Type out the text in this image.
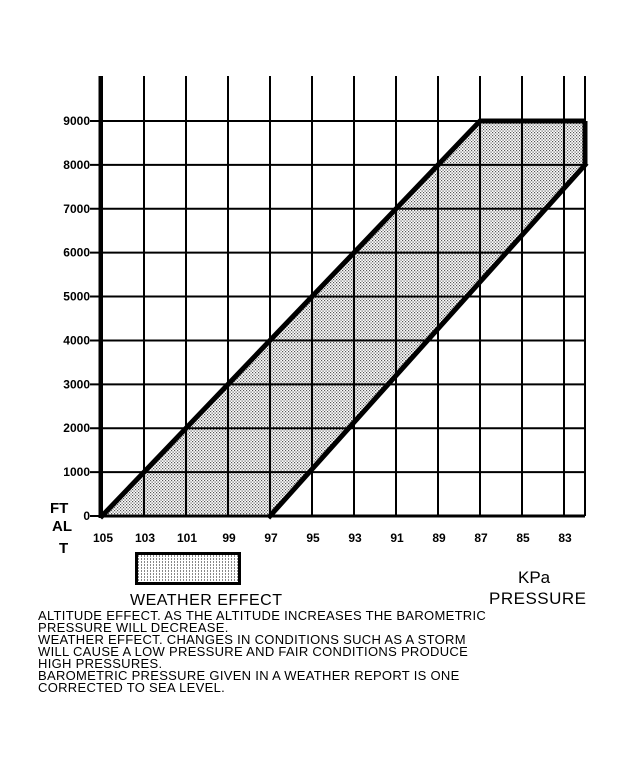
0
1000
2000
3000
4000
5000
6000
7000
8000
9000
105 103 101 99 97 95 93 91 89 87 85 83
FT
AL
T
WEATHER EFFECT
KPa
PRESSURE

ALTITUDE EFFECT. AS THE ALTITUDE INCREASES THE BAROMETRIC

PRESSURE WILL DECREASE.

WEATHER EFFECT. CHANGES IN CONDITIONS SUCH AS A STORM

WILL CAUSE A LOW PRESSURE AND FAIR CONDITIONS PRODUCE

HIGH PRESSURES.

BAROMETRIC PRESSURE GIVEN IN A WEATHER REPORT IS ONE

CORRECTED TO SEA LEVEL.
